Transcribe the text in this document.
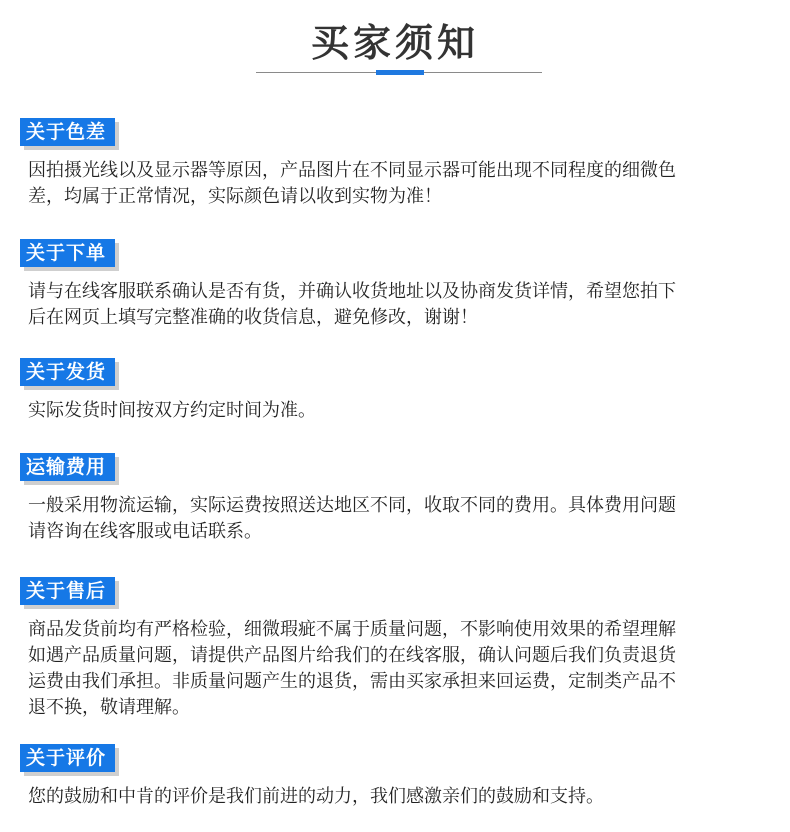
买家须知
关于色差
因拍摄光线以及显示器等原因，产品图片在不同显示器可能出现不同程度的细微色
差，均属于正常情况，实际颜色请以收到实物为准！
关于下单
请与在线客服联系确认是否有货，并确认收货地址以及协商发货详情，希望您拍下
后在网页上填写完整准确的收货信息，避免修改，谢谢！
关于发货
实际发货时间按双方约定时间为准。
运输费用
一般采用物流运输，实际运费按照送达地区不同，收取不同的费用。具体费用问题
请咨询在线客服或电话联系。
关于售后
商品发货前均有严格检验，细微瑕疵不属于质量问题，不影响使用效果的希望理解
如遇产品质量问题，请提供产品图片给我们的在线客服，确认问题后我们负责退货
运费由我们承担。非质量问题产生的退货，需由买家承担来回运费，定制类产品不
退不换，敬请理解。
关于评价
您的鼓励和中肯的评价是我们前进的动力，我们感激亲们的鼓励和支持。
